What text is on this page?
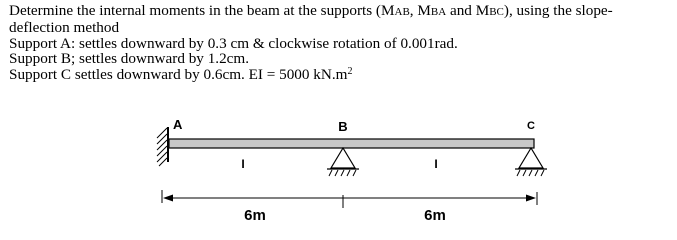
Determine the internal moments in the beam at the supports (MAB, MBA and MBC), using the slope-

deflection method

Support A: settles downward by 0.3 cm & clockwise rotation of 0.001rad.

Support B; settles downward by 1.2cm.

Support C settles downward by 0.6cm. EI = 5000 $kN.m^2$

A	B	C
I	I
6m	6m
